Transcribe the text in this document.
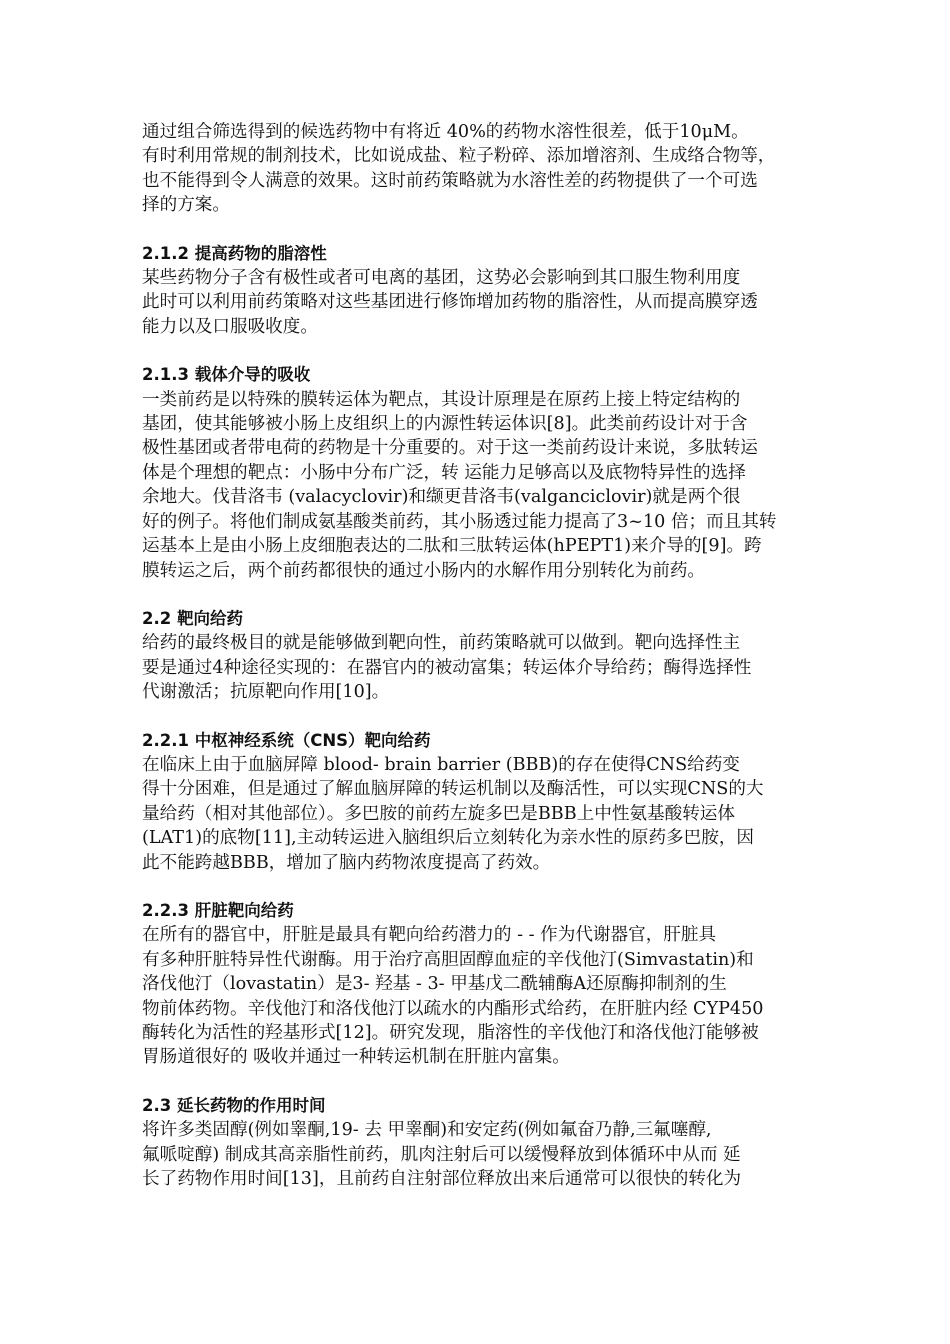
通过组合筛选得到的候选药物中有将近 40%的药物水溶性很差，低于10μM。
有时利用常规的制剂技术，比如说成盐、粒子粉碎、添加增溶剂、生成络合物等，
也不能得到令人满意的效果。这时前药策略就为水溶性差的药物提供了一个可选
择的方案。

2.1.2 提高药物的脂溶性

某些药物分子含有极性或者可电离的基团，这势必会影响到其口服生物利用度
此时可以利用前药策略对这些基团进行修饰增加药物的脂溶性，从而提高膜穿透
能力以及口服吸收度。

2.1.3 载体介导的吸收

一类前药是以特殊的膜转运体为靶点，其设计原理是在原药上接上特定结构的
基团，使其能够被小肠上皮组织上的内源性转运体识[8]。此类前药设计对于含
极性基团或者带电荷的药物是十分重要的。对于这一类前药设计来说，多肽转运
体是个理想的靶点：小肠中分布广泛，转 运能力足够高以及底物特异性的选择
余地大。伐昔洛韦 (valacyclovir)和缬更昔洛韦(valganciclovir)就是两个很
好的例子。将他们制成氨基酸类前药，其小肠透过能力提高了3~10 倍；而且其转
运基本上是由小肠上皮细胞表达的二肽和三肽转运体(hPEPT1)来介导的[9]。跨
膜转运之后，两个前药都很快的通过小肠内的水解作用分别转化为前药。

2.2 靶向给药

给药的最终极目的就是能够做到靶向性，前药策略就可以做到。靶向选择性主
要是通过4种途径实现的：在器官内的被动富集；转运体介导给药；酶得选择性
代谢激活；抗原靶向作用[10]。

2.2.1 中枢神经系统（CNS）靶向给药

在临床上由于血脑屏障 blood- brain barrier (BBB)的存在使得CNS给药变
得十分困难，但是通过了解血脑屏障的转运机制以及酶活性，可以实现CNS的大
量给药（相对其他部位）。多巴胺的前药左旋多巴是BBB上中性氨基酸转运体
(LAT1)的底物[11],主动转运进入脑组织后立刻转化为亲水性的原药多巴胺，因
此不能跨越BBB，增加了脑内药物浓度提高了药效。

2.2.3 肝脏靶向给药

在所有的器官中，肝脏是最具有靶向给药潜力的 - - 作为代谢器官，肝脏具
有多种肝脏特异性代谢酶。用于治疗高胆固醇血症的辛伐他汀(Simvastatin)和
洛伐他汀（lovastatin）是3- 羟基 - 3- 甲基戊二酰辅酶A还原酶抑制剂的生
物前体药物。辛伐他汀和洛伐他汀以疏水的内酯形式给药，在肝脏内经 CYP450
酶转化为活性的羟基形式[12]。研究发现，脂溶性的辛伐他汀和洛伐他汀能够被
胃肠道很好的 吸收并通过一种转运机制在肝脏内富集。

2.3 延长药物的作用时间

将许多类固醇(例如睾酮,19- 去 甲睾酮)和安定药(例如氟奋乃静,三氟噻醇,
氟哌啶醇) 制成其高亲脂性前药，肌肉注射后可以缓慢释放到体循环中从而 延
长了药物作用时间[13]，且前药自注射部位释放出来后通常可以很快的转化为
